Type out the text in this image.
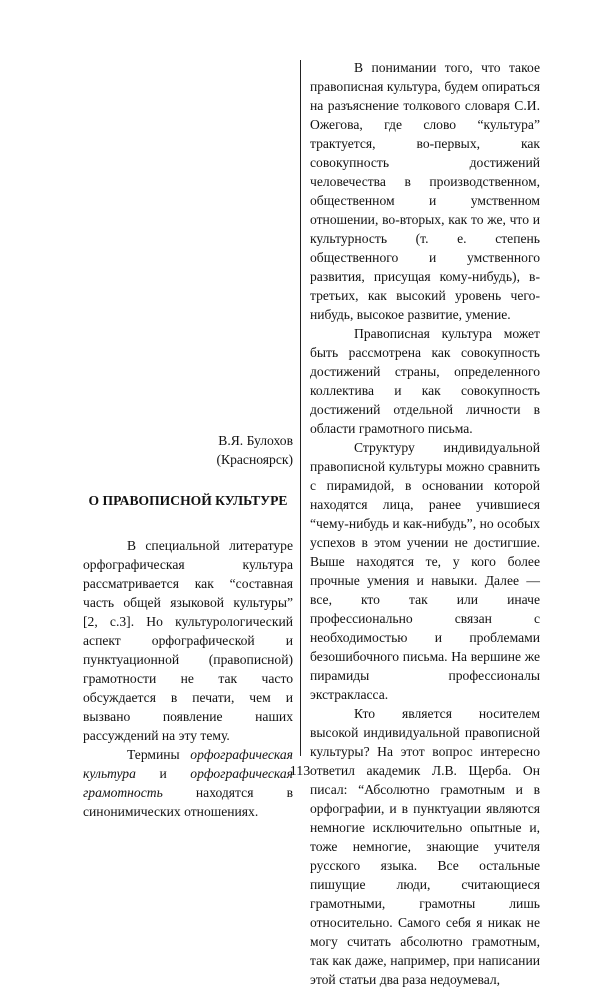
В.Я. Булохов
(Красноярск)
О ПРАВОПИСНОЙ КУЛЬТУРЕ

В специальной литературе орфографическая культура рассматривается как “составная часть общей языковой культуры” [2, с.3]. Но культурологический аспект орфографической и пунктуационной (правописной) грамотности не так часто обсуждается в печати, чем и вызвано появление наших рассуждений на эту тему.

Термины орфографическая культура и орфографическая грамотность находятся в синонимических отношениях.

В понимании того, что такое правописная культура, будем опираться на разъяснение толкового словаря С.И. Ожегова, где слово “культура” трактуется, во-первых, как совокупность достижений человечества в производственном, общественном и умственном отношении, во-вторых, как то же, что и культурность (т. е. степень общественного и умственного развития, присущая кому-нибудь), в-третьих, как высокий уровень чего-нибудь, высокое развитие, умение.

Правописная культура может быть рассмотрена как совокупность достижений страны, определенного коллектива и как совокупность достижений отдельной личности в области грамотного письма.

Структуру индивидуальной правописной культуры можно сравнить с пирамидой, в основании которой находятся лица, ранее учившиеся “чему-нибудь и как-нибудь”, но особых успехов в этом учении не достигшие. Выше находятся те, у кого более прочные умения и навыки. Далее — все, кто так или иначе профессионально связан с необходимостью и проблемами безошибочного письма. На вершине же пирамиды профессионалы экстракласса.

Кто является носителем высокой индивидуальной правописной культуры? На этот вопрос интересно ответил академик Л.В. Щерба. Он писал: “Абсолютно грамотным и в орфографии, и в пунктуации являются немногие исключительно опытные и, тоже немногие, знающие учителя русского языка. Все остальные пишущие люди, считающиеся грамотными, грамотны лишь относительно. Самого себя я никак не могу считать абсолютно грамотным, так как даже, например, при написании этой статьи два раза недоумевал,

113
